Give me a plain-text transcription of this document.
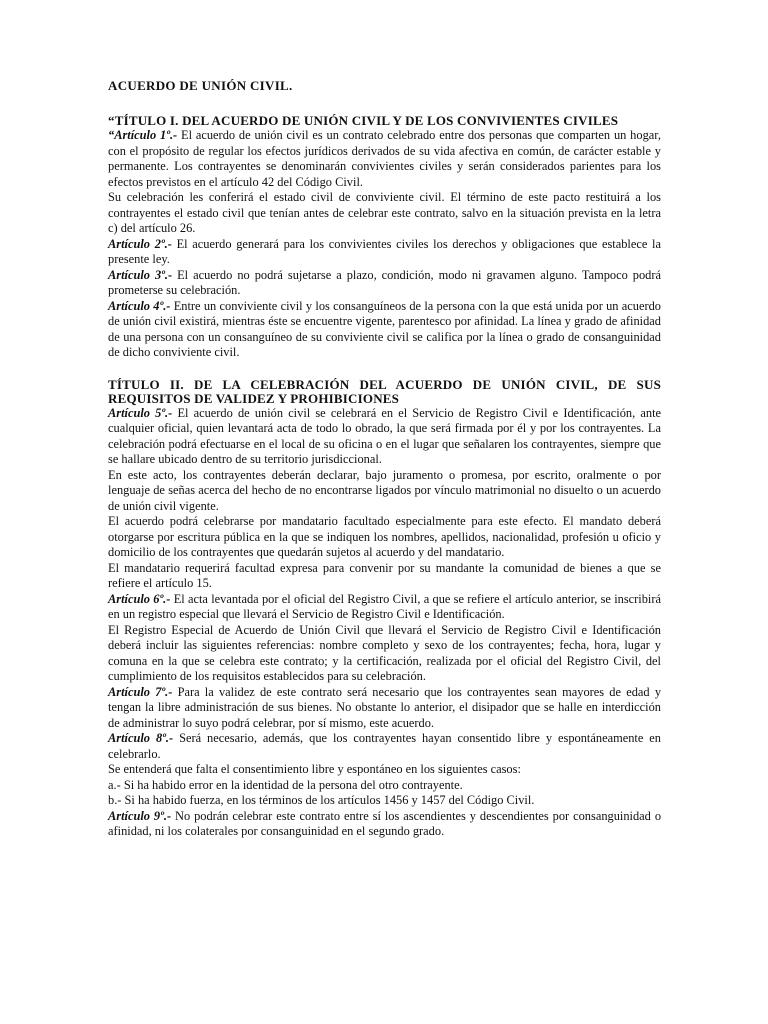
ACUERDO DE UNIÓN CIVIL.
“TÍTULO I. DEL ACUERDO DE UNIÓN CIVIL Y DE LOS CONVIVIENTES CIVILES

“Artículo 1º.- El acuerdo de unión civil es un contrato celebrado entre dos personas que comparten un hogar, con el propósito de regular los efectos jurídicos derivados de su vida afectiva en común, de carácter estable y permanente. Los contrayentes se denominarán convivientes civiles y serán considerados parientes para los efectos previstos en el artículo 42 del Código Civil.

Su celebración les conferirá el estado civil de conviviente civil. El término de este pacto restituirá a los contrayentes el estado civil que tenían antes de celebrar este contrato, salvo en la situación prevista en la letra c) del artículo 26.

Artículo 2º.- El acuerdo generará para los convivientes civiles los derechos y obligaciones que establece la presente ley.

Artículo 3º.- El acuerdo no podrá sujetarse a plazo, condición, modo ni gravamen alguno. Tampoco podrá prometerse su celebración.

Artículo 4º.- Entre un conviviente civil y los consanguíneos de la persona con la que está unida por un acuerdo de unión civil existirá, mientras éste se encuentre vigente, parentesco por afinidad. La línea y grado de afinidad de una persona con un consanguíneo de su conviviente civil se califica por la línea o grado de consanguinidad de dicho conviviente civil.

TÍTULO II. DE LA CELEBRACIÓN DEL ACUERDO DE UNIÓN CIVIL, DE SUS REQUISITOS DE VALIDEZ Y PROHIBICIONES

Artículo 5º.- El acuerdo de unión civil se celebrará en el Servicio de Registro Civil e Identificación, ante cualquier oficial, quien levantará acta de todo lo obrado, la que será firmada por él y por los contrayentes. La celebración podrá efectuarse en el local de su oficina o en el lugar que señalaren los contrayentes, siempre que se hallare ubicado dentro de su territorio jurisdiccional.

En este acto, los contrayentes deberán declarar, bajo juramento o promesa, por escrito, oralmente o por lenguaje de señas acerca del hecho de no encontrarse ligados por vínculo matrimonial no disuelto o un acuerdo de unión civil vigente.

El acuerdo podrá celebrarse por mandatario facultado especialmente para este efecto. El mandato deberá otorgarse por escritura pública en la que se indiquen los nombres, apellidos, nacionalidad, profesión u oficio y domicilio de los contrayentes que quedarán sujetos al acuerdo y del mandatario.

El mandatario requerirá facultad expresa para convenir por su mandante la comunidad de bienes a que se refiere el artículo 15.

Artículo 6º.- El acta levantada por el oficial del Registro Civil, a que se refiere el artículo anterior, se inscribirá en un registro especial que llevará el Servicio de Registro Civil e Identificación.

El Registro Especial de Acuerdo de Unión Civil que llevará el Servicio de Registro Civil e Identificación deberá incluir las siguientes referencias: nombre completo y sexo de los contrayentes; fecha, hora, lugar y comuna en la que se celebra este contrato; y la certificación, realizada por el oficial del Registro Civil, del cumplimiento de los requisitos establecidos para su celebración.

Artículo 7º.- Para la validez de este contrato será necesario que los contrayentes sean mayores de edad y tengan la libre administración de sus bienes. No obstante lo anterior, el disipador que se halle en interdicción de administrar lo suyo podrá celebrar, por sí mismo, este acuerdo.

Artículo 8º.- Será necesario, además, que los contrayentes hayan consentido libre y espontáneamente en celebrarlo.

Se entenderá que falta el consentimiento libre y espontáneo en los siguientes casos:

a.- Si ha habido error en la identidad de la persona del otro contrayente.

b.- Si ha habido fuerza, en los términos de los artículos 1456 y 1457 del Código Civil.

Artículo 9º.- No podrán celebrar este contrato entre sí los ascendientes y descendientes por consanguinidad o afinidad, ni los colaterales por consanguinidad en el segundo grado.
